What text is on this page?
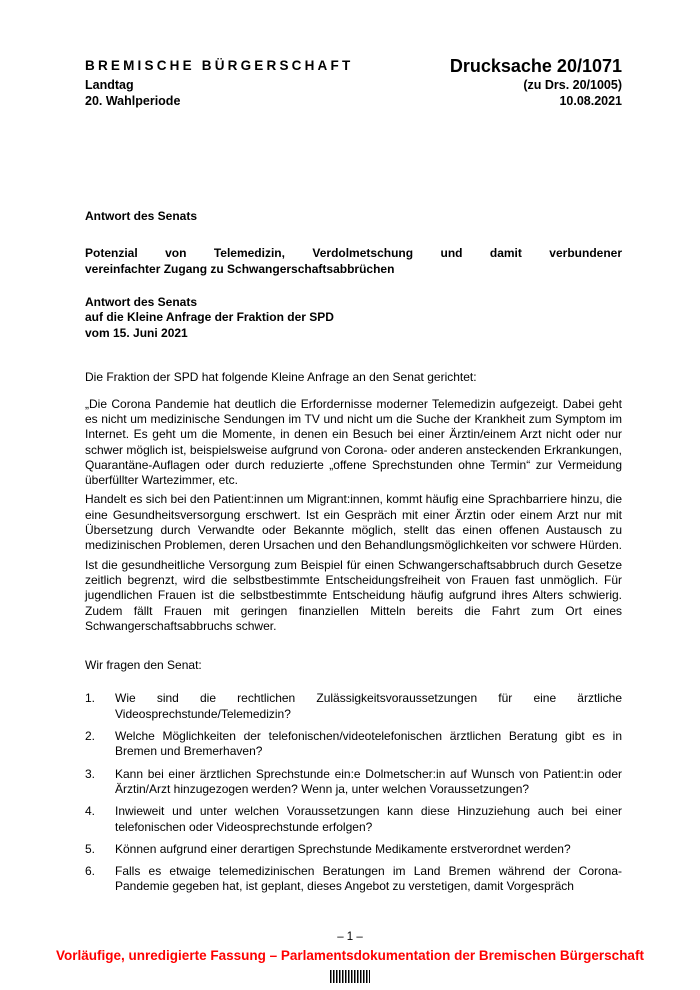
BREMISCHE BÜRGERSCHAFT
Landtag
20. Wahlperiode
Drucksache 20/1071
(zu Drs. 20/1005)
10.08.2021

Antwort des Senats

Potenzial von Telemedizin, Verdolmetschung und damit verbundener
vereinfachter Zugang zu Schwangerschaftsabbrüchen

Antwort des Senats

auf die Kleine Anfrage der Fraktion der SPD

vom 15. Juni 2021

Die Fraktion der SPD hat folgende Kleine Anfrage an den Senat gerichtet:

„Die Corona Pandemie hat deutlich die Erfordernisse moderner Telemedizin aufgezeigt. Dabei geht es nicht um medizinische Sendungen im TV und nicht um die Suche der Krankheit zum Symptom im Internet. Es geht um die Momente, in denen ein Besuch bei einer Ärztin/einem Arzt nicht oder nur schwer möglich ist, beispielsweise aufgrund von Corona- oder anderen ansteckenden Erkrankungen, Quarantäne-Auflagen oder durch reduzierte „offene Sprechstunden ohne Termin“ zur Vermeidung überfüllter Wartezimmer, etc.

Handelt es sich bei den Patient:innen um Migrant:innen, kommt häufig eine Sprachbarriere hinzu, die eine Gesundheitsversorgung erschwert. Ist ein Gespräch mit einer Ärztin oder einem Arzt nur mit Übersetzung durch Verwandte oder Bekannte möglich, stellt das einen offenen Austausch zu medizinischen Problemen, deren Ursachen und den Behandlungsmöglichkeiten vor schwere Hürden.

Ist die gesundheitliche Versorgung zum Beispiel für einen Schwangerschaftsabbruch durch Gesetze zeitlich begrenzt, wird die selbstbestimmte Entscheidungsfreiheit von Frauen fast unmöglich. Für jugendlichen Frauen ist die selbstbestimmte Entscheidung häufig aufgrund ihres Alters schwierig. Zudem fällt Frauen mit geringen finanziellen Mitteln bereits die Fahrt zum Ort eines Schwangerschaftsabbruchs schwer.

Wir fragen den Senat:

1.	Wie sind die rechtlichen Zulässigkeitsvoraussetzungen für eine ärztliche Videosprechstunde/Telemedizin?
2.	Welche Möglichkeiten der telefonischen/videotelefonischen ärztlichen Beratung gibt es in Bremen und Bremerhaven?
3.	Kann bei einer ärztlichen Sprechstunde ein:e Dolmetscher:in auf Wunsch von Patient:in oder Ärztin/Arzt hinzugezogen werden? Wenn ja, unter welchen Voraussetzungen?
4.	Inwieweit und unter welchen Voraussetzungen kann diese Hinzuziehung auch bei einer telefonischen oder Videosprechstunde erfolgen?
5.	Können aufgrund einer derartigen Sprechstunde Medikamente erstverordnet werden?
6.	Falls es etwaige telemedizinischen Beratungen im Land Bremen während der Corona-Pandemie gegeben hat, ist geplant, dieses Angebot zu verstetigen, damit Vorgespräch
– 1 –
Vorläufige, unredigierte Fassung – Parlamentsdokumentation der Bremischen Bürgerschaft
